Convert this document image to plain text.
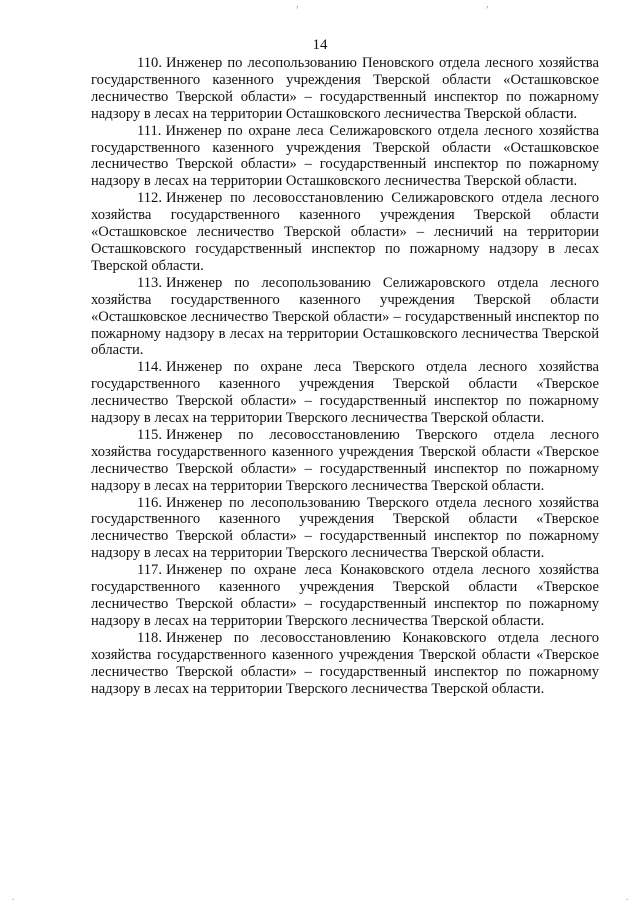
,	,
.	.
14

110. Инженер по лесопользованию Пеновского отдела лесного хозяйства государственного казенного учреждения Тверской области «Осташковское лесничество Тверской области» – государственный инспектор по пожарному надзору в лесах на территории Осташковского лесничества Тверской области.

111. Инженер по охране леса Селижаровского отдела лесного хозяйства государственного казенного учреждения Тверской области «Осташковское лесничество Тверской области» – государственный инспектор по пожарному надзору в лесах на территории Осташковского лесничества Тверской области.

112. Инженер по лесовосстановлению Селижаровского отдела лесного хозяйства государственного казенного учреждения Тверской области «Осташковское лесничество Тверской области» – лесничий на территории Осташковского государственный инспектор по пожарному надзору в лесах Тверской области.

113. Инженер по лесопользованию Селижаровского отдела лесного хозяйства государственного казенного учреждения Тверской области «Осташковское лесничество Тверской области» – государственный инспектор по пожарному надзору в лесах на территории Осташковского лесничества Тверской области.

114. Инженер по охране леса Тверского отдела лесного хозяйства государственного казенного учреждения Тверской области «Тверское лесничество Тверской области» – государственный инспектор по пожарному надзору в лесах на территории Тверского лесничества Тверской области.

115. Инженер по лесовосстановлению Тверского отдела лесного хозяйства государственного казенного учреждения Тверской области «Тверское лесничество Тверской области» – государственный инспектор по пожарному надзору в лесах на территории Тверского лесничества Тверской области.

116. Инженер по лесопользованию Тверского отдела лесного хозяйства государственного казенного учреждения Тверской области «Тверское лесничество Тверской области» – государственный инспектор по пожарному надзору в лесах на территории Тверского лесничества Тверской области.

117. Инженер по охране леса Конаковского отдела лесного хозяйства государственного казенного учреждения Тверской области «Тверское лесничество Тверской области» – государственный инспектор по пожарному надзору в лесах на территории Тверского лесничества Тверской области.

118. Инженер по лесовосстановлению Конаковского отдела лесного хозяйства государственного казенного учреждения Тверской области «Тверское лесничество Тверской области» – государственный инспектор по пожарному надзору в лесах на территории Тверского лесничества Тверской области.
